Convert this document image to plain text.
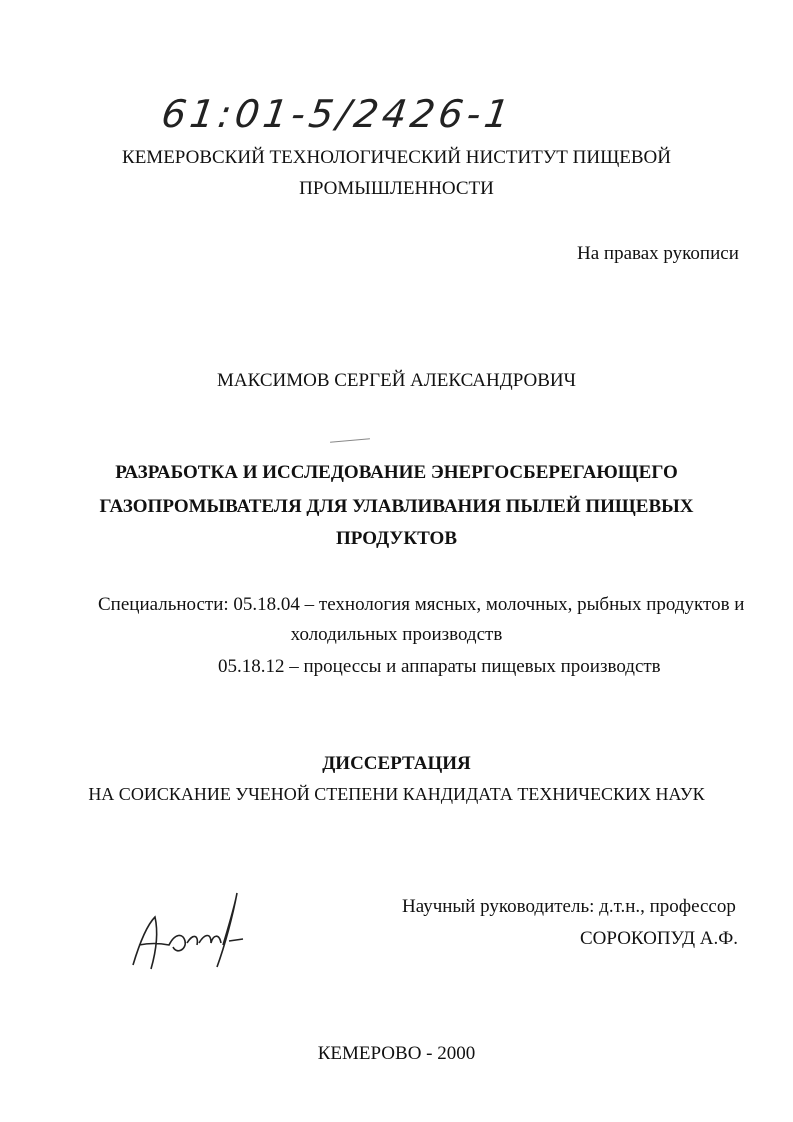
61:01-5/2426-1
КЕМЕРОВСКИЙ ТЕХНОЛОГИЧЕСКИЙ НИСТИТУТ ПИЩЕВОЙ
ПРОМЫШЛЕННОСТИ
На правах рукописи
МАКСИМОВ СЕРГЕЙ АЛЕКСАНДРОВИЧ
РАЗРАБОТКА И ИССЛЕДОВАНИЕ ЭНЕРГОСБЕРЕГАЮЩЕГО
ГАЗОПРОМЫВАТЕЛЯ ДЛЯ УЛАВЛИВАНИЯ ПЫЛЕЙ ПИЩЕВЫХ
ПРОДУКТОВ
Специальности: 05.18.04 – технология мясных, молочных, рыбных продуктов и
холодильных производств
05.18.12 – процессы и аппараты пищевых производств
ДИССЕРТАЦИЯ
НА СОИСКАНИЕ УЧЕНОЙ СТЕПЕНИ КАНДИДАТА ТЕХНИЧЕСКИХ НАУК
Научный руководитель: д.т.н., профессор
СОРОКОПУД А.Ф.
КЕМЕРОВО - 2000
